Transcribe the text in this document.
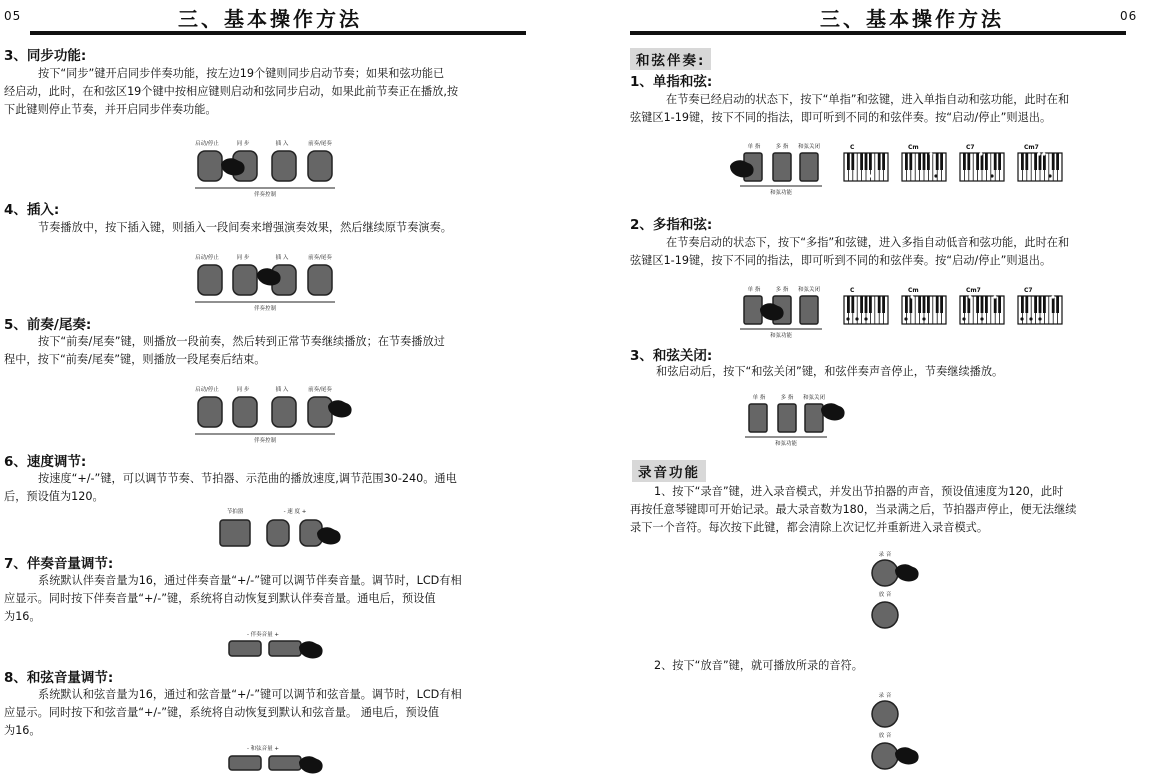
05	三、基本操作方法
3、同步功能:

按下“同步”键开启同步伴奏功能，按左边19个键则同步启动节奏；如果和弦功能已

经启动，此时，在和弦区19个键中按相应键则启动和弦同步启动，如果此前节奏正在播放,按

下此键则停止节奏，并开启同步伴奏功能。

启动/停止	同 步	插 入	前奏/尾奏
伴奏控制
4、插入:

节奏播放中，按下插入键，则插入一段间奏来增强演奏效果，然后继续原节奏演奏。

启动/停止	同 步	插 入	前奏/尾奏
伴奏控制
5、前奏/尾奏:

按下“前奏/尾奏”键，则播放一段前奏，然后转到正常节奏继续播放；在节奏播放过

程中，按下“前奏/尾奏”键，则播放一段尾奏后结束。

启动/停止	同 步	插 入	前奏/尾奏
伴奏控制
6、速度调节:

按速度“+/-”键，可以调节节奏、节拍器、示范曲的播放速度,调节范围30-240。通电

后，预设值为120。

节拍器	- 速 度 +
7、伴奏音量调节:

系统默认伴奏音量为16，通过伴奏音量“+/-”键可以调节伴奏音量。调节时，LCD有相

应显示。同时按下伴奏音量“+/-”键，系统将自动恢复到默认伴奏音量。通电后，预设值

为16。

- 伴奏音量 +
8、和弦音量调节:

系统默认和弦音量为16，通过和弦音量“+/-”键可以调节和弦音量。调节时，LCD有相

应显示。同时按下和弦音量“+/-”键，系统将自动恢复到默认和弦音量。 通电后，预设值

为16。

- 和弦音量 +
三、基本操作方法	06
和弦伴奏:
1、单指和弦:

在节奏已经启动的状态下，按下“单指”和弦键，进入单指自动和弦功能，此时在和

弦键区1-19键，按下不同的指法，即可听到不同的和弦伴奏。按“启动/停止”则退出。

单 指	多 指 和弦关闭
和弦功能
C	Cm	C7	Cm7
2、多指和弦:

在节奏启动的状态下，按下“多指”和弦键，进入多指自动低音和弦功能，此时在和

弦键区1-19键，按下不同的指法，即可听到不同的和弦伴奏。按“启动/停止”则退出。

单 指	多 指 和弦关闭
和弦功能
C	Cm	Cm7	C7
3、和弦关闭:

和弦启动后，按下“和弦关闭”键，和弦伴奏声音停止，节奏继续播放。

单 指	多 指 和弦关闭
和弦功能
录音功能

1、按下“录音”键，进入录音模式，并发出节拍器的声音，预设值速度为120，此时

再按任意琴键即可开始记录。最大录音数为180，当录满之后，节拍器声停止，便无法继续

录下一个音符。每次按下此键，都会清除上次记忆并重新进入录音模式。

录 音
放 音

2、按下“放音”键，就可播放所录的音符。

录 音
放 音
